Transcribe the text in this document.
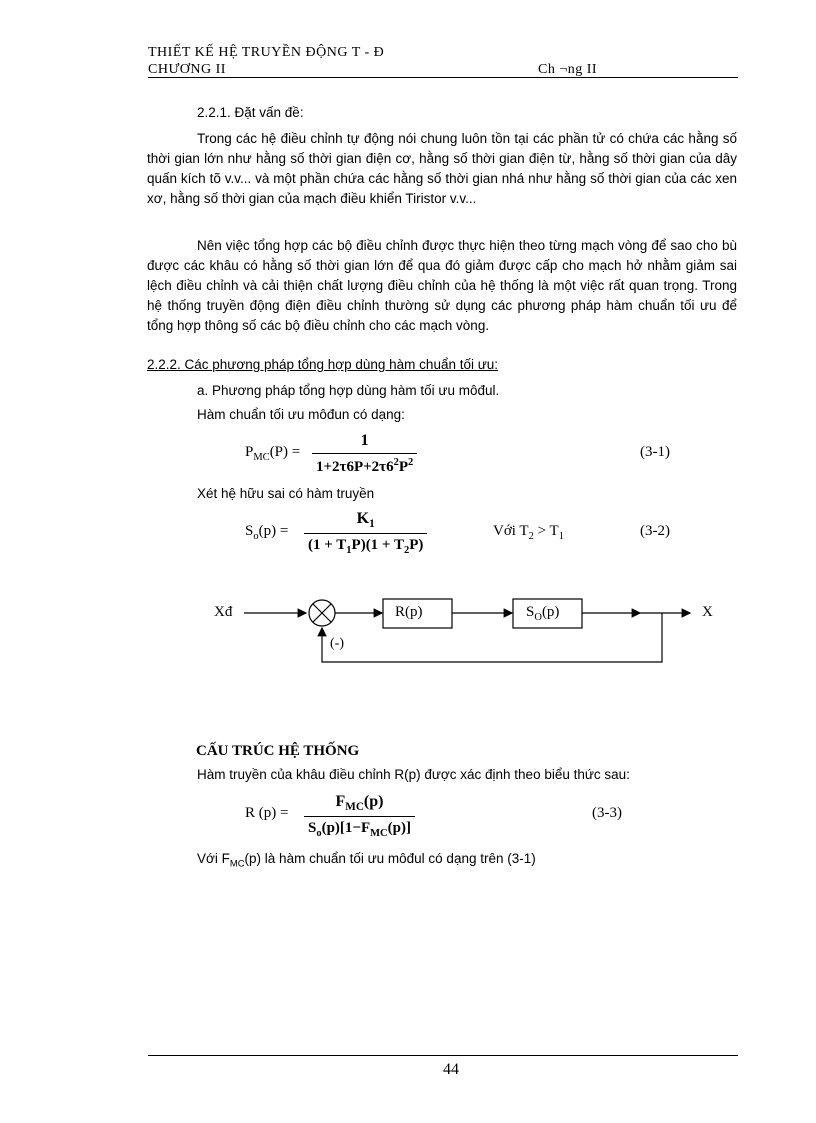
THIẾT KẾ HỆ TRUYỀN ĐỘNG T - Đ
CHƯƠNG II	Ch ¬ng II
2.2.1. Đặt vấn đề:

Trong các hệ điều chỉnh tự động nói chung luôn tồn tại các phần tử có chứa các hằng số thời gian lớn như hằng số thời gian điện cơ, hằng số thời gian điện từ, hằng số thời gian của dây quấn kích tõ v.v... và một phần chứa các hằng số thời gian nhá như hằng số thời gian của các xen xơ, hằng số thời gian của mạch điều khiển Tiristor v.v...

Nên việc tổng hợp các bộ điều chỉnh được thực hiện theo từng mạch vòng để sao cho bù được các khâu có hằng số thời gian lớn để qua đó giảm được cấp cho mạch hở nhằm giảm sai lệch điều chỉnh và cải thiện chất lượng điều chỉnh của hệ thống là một việc rất quan trọng. Trong hệ thống truyền động điện điều chỉnh thường sử dụng các phương pháp hàm chuẩn tối ưu để tổng hợp thông số các bộ điều chỉnh cho các mạch vòng.

2.2.2. Các phương pháp tổng hợp dùng hàm chuẩn tối ưu:
a. Phương pháp tổng hợp dùng hàm tối ưu môđul.
Hàm chuẩn tối ưu môđun có dạng:
$P_{MC}(P) = \frac{1}{1+2\tau 6P+2\tau 6^2P^2}$	(3-1)
Xét hệ hữu sai có hàm truyền
$S_o(p) = \frac{K_1}{(1 + T_1P)(1 + T_2P)}$	Với $T_2 > T_1$	(3-2)
Xđ	R(p)	$S_O(p)$	X
(-)
CẤU TRÚC HỆ THỐNG
Hàm truyền của khâu điều chỉnh R(p) được xác định theo biểu thức sau:
R (p) =
$F_{MC}(p)$
$S_o(p)[1-F_{MC}(p)]$
(3-3)
Với $F_{MC}(p)$ là hàm chuẩn tối ưu môđul có dạng trên (3-1)
44
